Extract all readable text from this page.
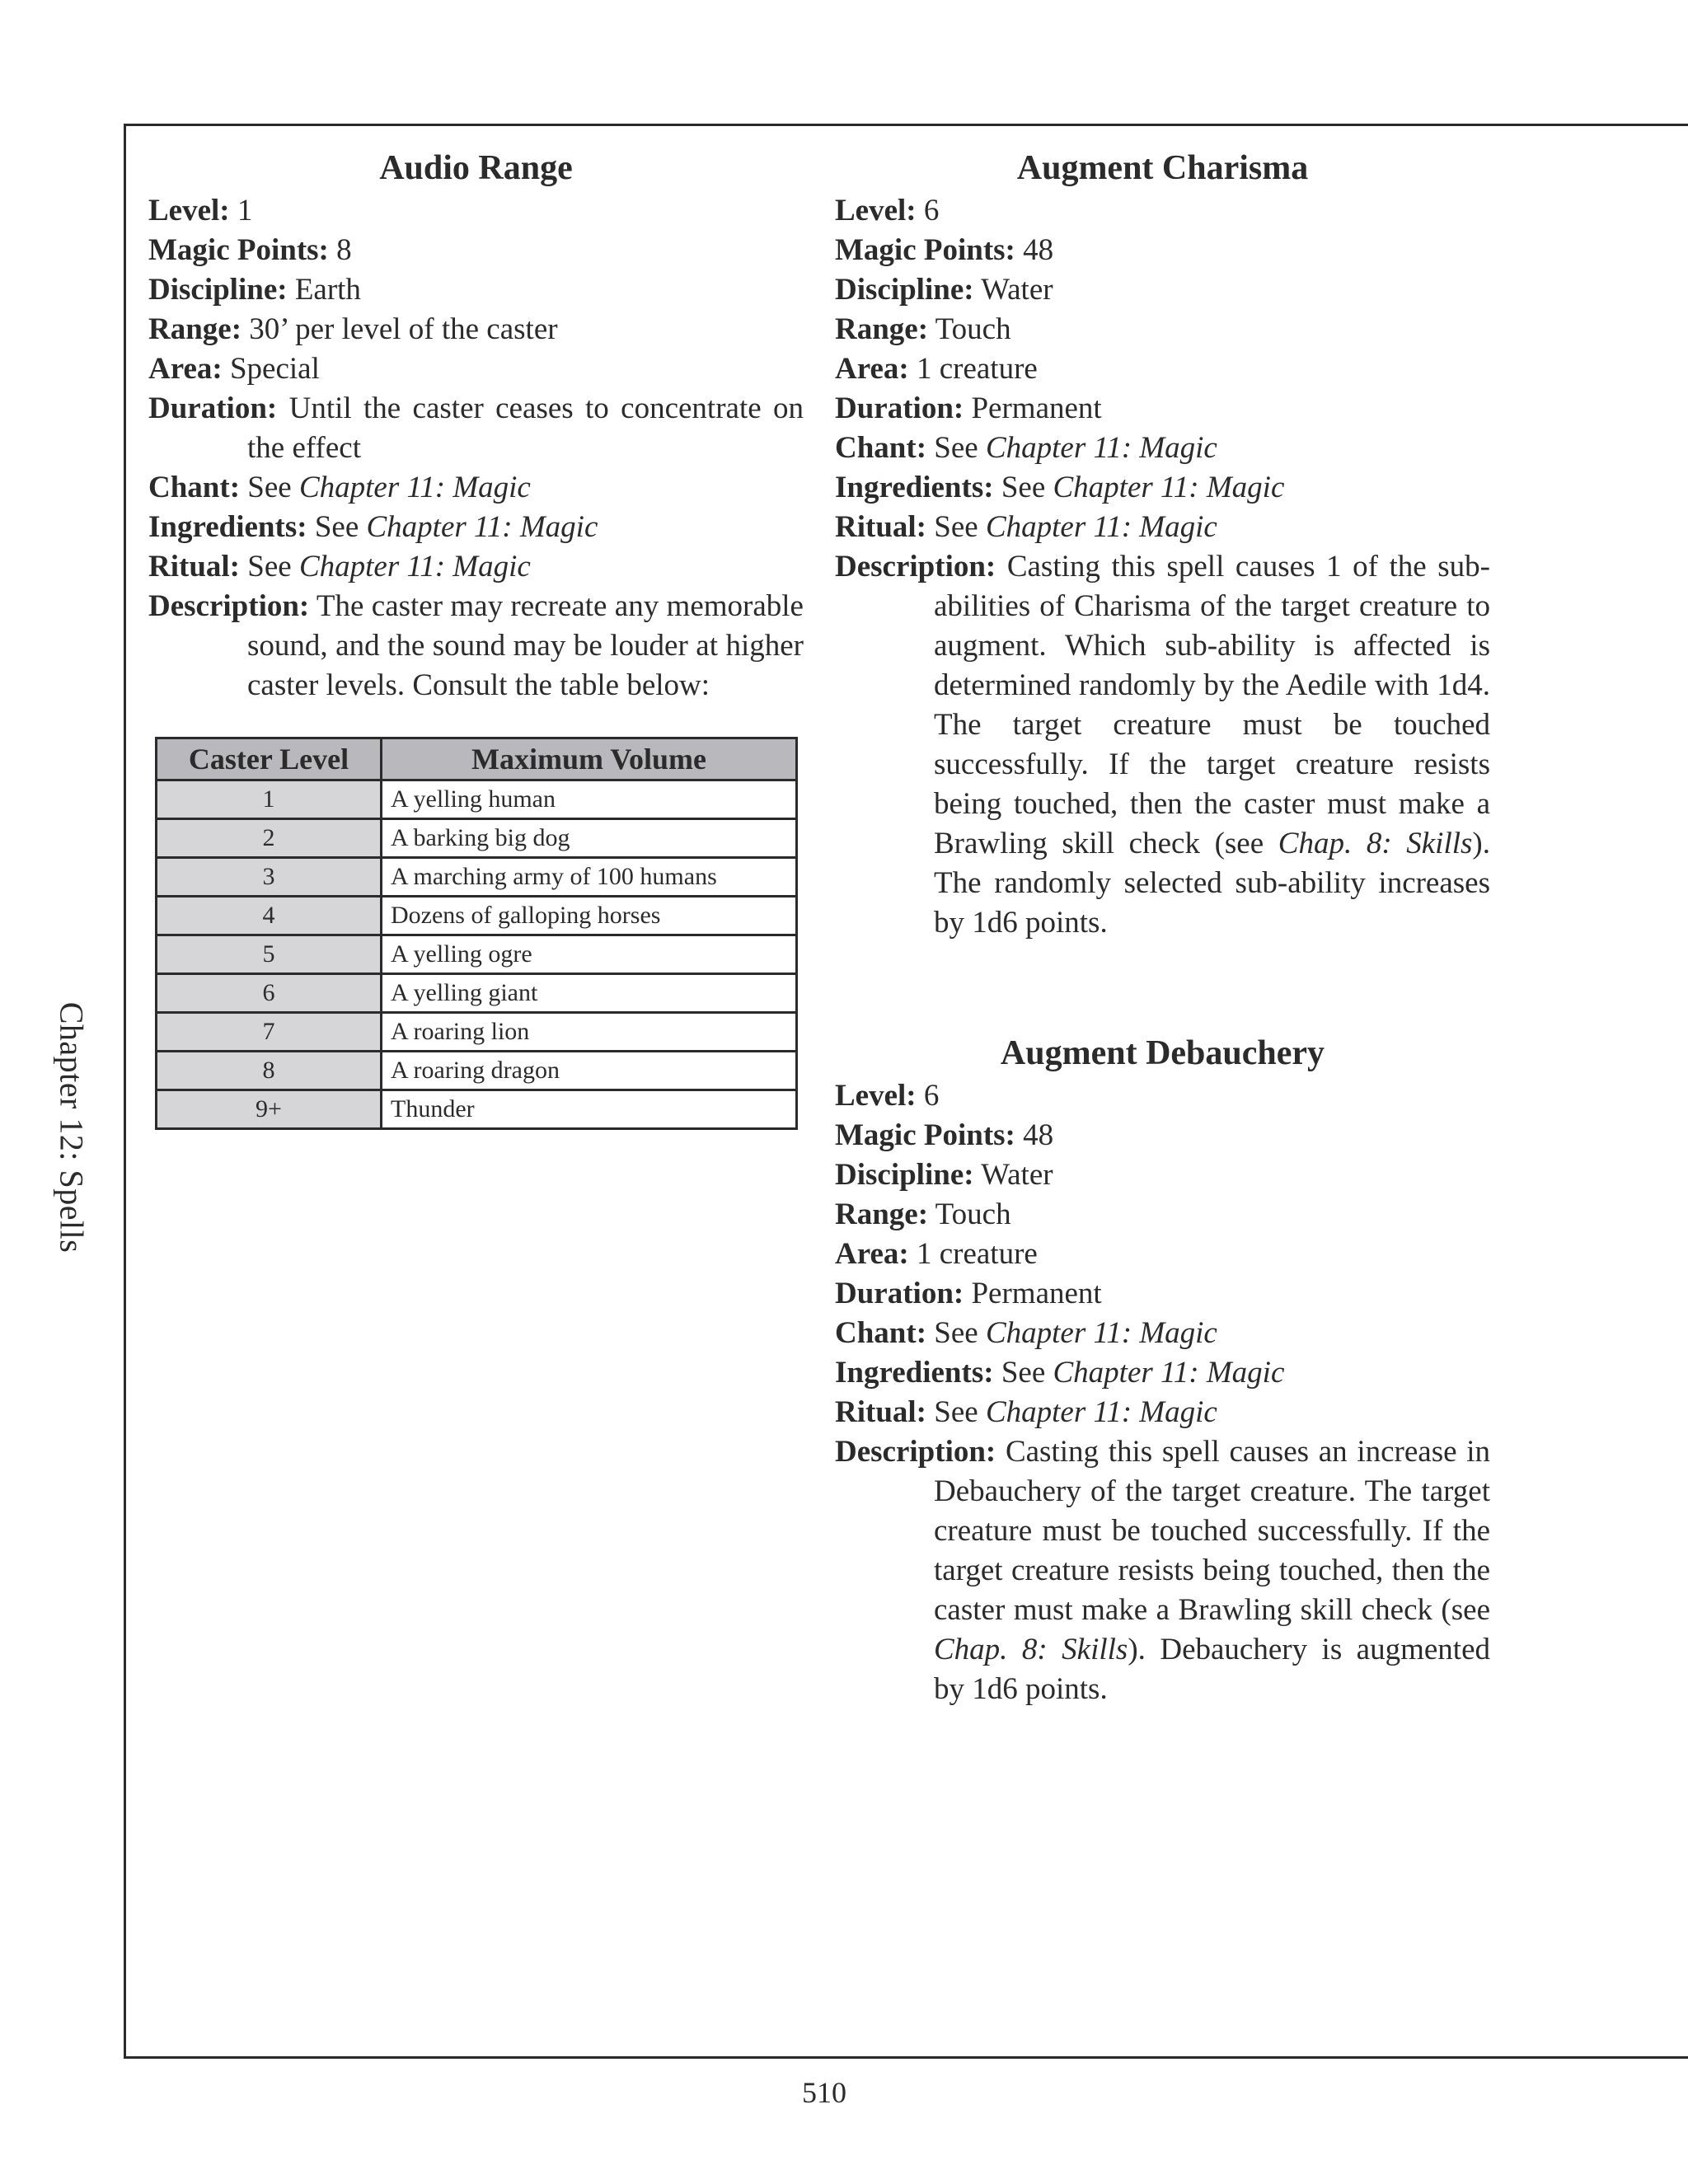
Chapter 12: Spells
Audio Range

Level: 1

Magic Points: 8

Discipline: Earth

Range: 30’ per level of the caster

Area: Special

Duration: Until the caster ceases to concentrate on the effect

Chant: See Chapter 11: Magic

Ingredients: See Chapter 11: Magic

Ritual: See Chapter 11: Magic

Description: The caster may recreate any memorable sound, and the sound may be louder at higher caster levels. Consult the table below:

Caster Level	Maximum Volume
1	A yelling human
2	A barking big dog
3	A marching army of 100 humans
4	Dozens of galloping horses
5	A yelling ogre
6	A yelling giant
7	A roaring lion
8	A roaring dragon
9+	Thunder
Augment Charisma

Level: 6

Magic Points: 48

Discipline: Water

Range: Touch

Area: 1 creature

Duration: Permanent

Chant: See Chapter 11: Magic

Ingredients: See Chapter 11: Magic

Ritual: See Chapter 11: Magic

Description: Casting this spell causes 1 of the sub-abilities of Charisma of the target creature to augment. Which sub-ability is affected is determined randomly by the Aedile with 1d4. The target creature must be touched successfully. If the target creature resists being touched, then the caster must make a Brawling skill check (see Chap. 8: Skills). The randomly selected sub-ability increases by 1d6 points.

Augment Debauchery

Level: 6

Magic Points: 48

Discipline: Water

Range: Touch

Area: 1 creature

Duration: Permanent

Chant: See Chapter 11: Magic

Ingredients: See Chapter 11: Magic

Ritual: See Chapter 11: Magic

Description: Casting this spell causes an increase in Debauchery of the target creature. The target creature must be touched successfully. If the target creature resists being touched, then the caster must make a Brawling skill check (see Chap. 8: Skills). Debauchery is augmented by 1d6 points.

510
